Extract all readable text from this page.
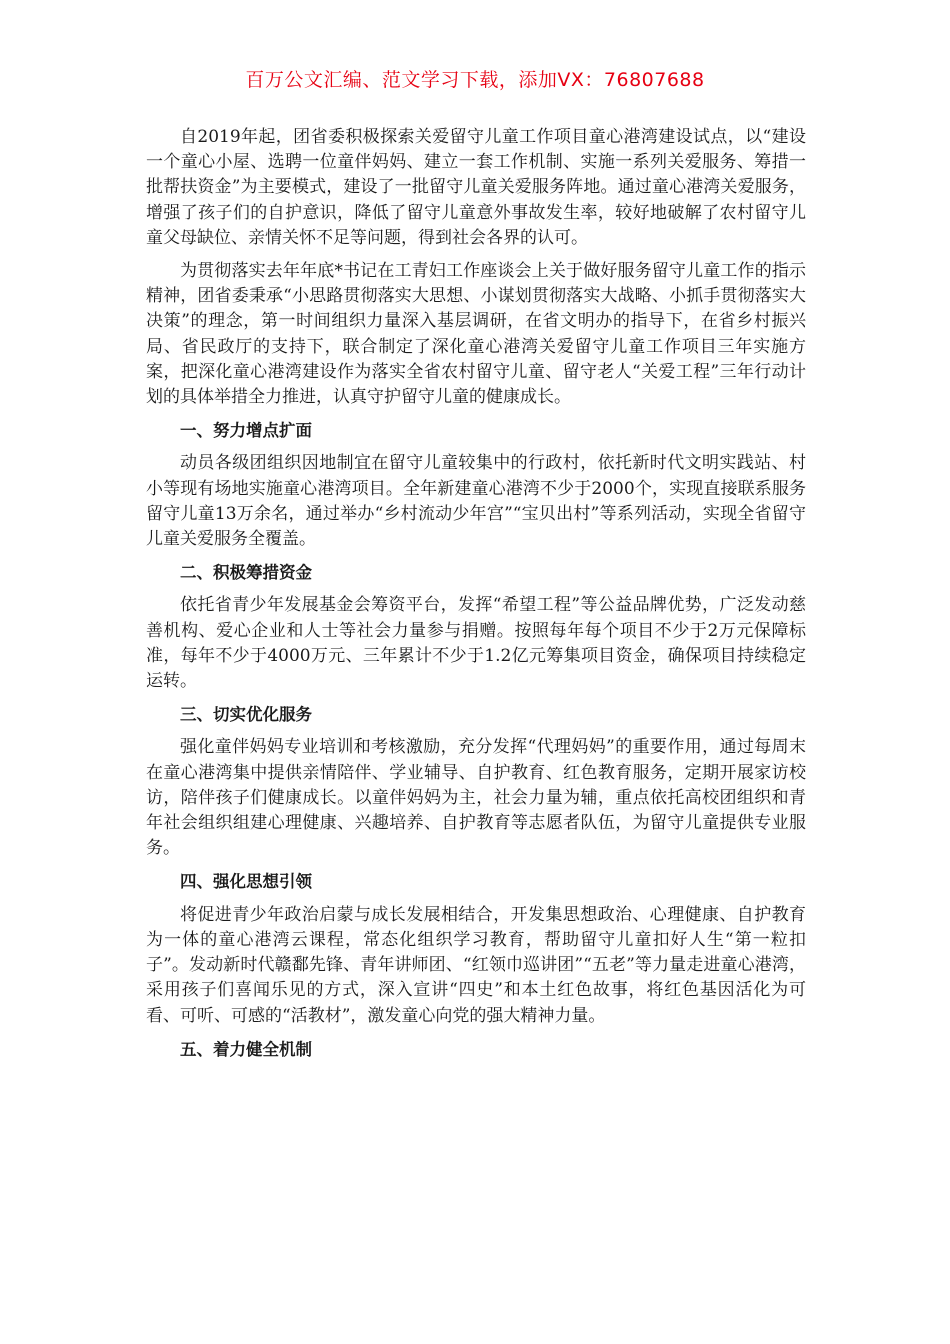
百万公文汇编、范文学习下载，添加VX：76807688

自2019年起，团省委积极探索关爱留守儿童工作项目童心港湾建设试点，以“建设一个童心小屋、选聘一位童伴妈妈、建立一套工作机制、实施一系列关爱服务、筹措一批帮扶资金”为主要模式，建设了一批留守儿童关爱服务阵地。通过童心港湾关爱服务，增强了孩子们的自护意识，降低了留守儿童意外事故发生率，较好地破解了农村留守儿童父母缺位、亲情关怀不足等问题，得到社会各界的认可。

为贯彻落实去年年底*书记在工青妇工作座谈会上关于做好服务留守儿童工作的指示精神，团省委秉承“小思路贯彻落实大思想、小谋划贯彻落实大战略、小抓手贯彻落实大决策”的理念，第一时间组织力量深入基层调研，在省文明办的指导下，在省乡村振兴局、省民政厅的支持下，联合制定了深化童心港湾关爱留守儿童工作项目三年实施方案，把深化童心港湾建设作为落实全省农村留守儿童、留守老人“关爱工程”三年行动计划的具体举措全力推进，认真守护留守儿童的健康成长。

一、努力增点扩面

动员各级团组织因地制宜在留守儿童较集中的行政村，依托新时代文明实践站、村小等现有场地实施童心港湾项目。全年新建童心港湾不少于2000个，实现直接联系服务留守儿童13万余名，通过举办“乡村流动少年宫”“宝贝出村”等系列活动，实现全省留守儿童关爱服务全覆盖。

二、积极筹措资金

依托省青少年发展基金会筹资平台，发挥“希望工程”等公益品牌优势，广泛发动慈善机构、爱心企业和人士等社会力量参与捐赠。按照每年每个项目不少于2万元保障标准，每年不少于4000万元、三年累计不少于1.2亿元筹集项目资金，确保项目持续稳定运转。

三、切实优化服务

强化童伴妈妈专业培训和考核激励，充分发挥“代理妈妈”的重要作用，通过每周末在童心港湾集中提供亲情陪伴、学业辅导、自护教育、红色教育服务，定期开展家访校访，陪伴孩子们健康成长。以童伴妈妈为主，社会力量为辅，重点依托高校团组织和青年社会组织组建心理健康、兴趣培养、自护教育等志愿者队伍，为留守儿童提供专业服务。

四、强化思想引领

将促进青少年政治启蒙与成长发展相结合，开发集思想政治、心理健康、自护教育为一体的童心港湾云课程，常态化组织学习教育，帮助留守儿童扣好人生“第一粒扣子”。发动新时代赣鄱先锋、青年讲师团、“红领巾巡讲团”“五老”等力量走进童心港湾，采用孩子们喜闻乐见的方式，深入宣讲“四史”和本土红色故事，将红色基因活化为可看、可听、可感的“活教材”，激发童心向党的强大精神力量。

五、着力健全机制
